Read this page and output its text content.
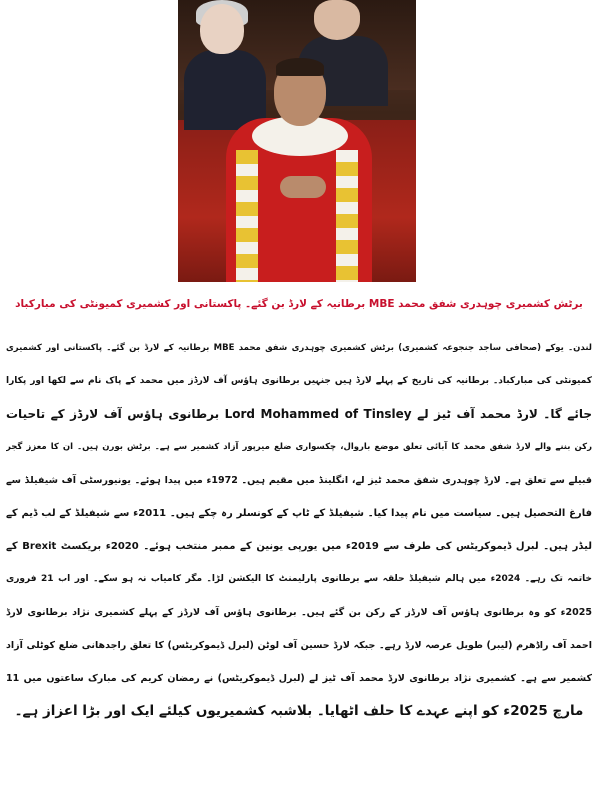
برٹش کشمیری چوہدری شفق محمد MBE برطانیہ کے لارڈ بن گئے۔ پاکستانی اور کشمیری کمیونٹی کی مبارکباد
لندن۔ یوکے (صحافی ساجد جنجوعہ کشمیری) برٹش کشمیری چوہدری شفق محمد MBE برطانیہ کے لارڈ بن گئے۔ پاکستانی اور کشمیری
کمیونٹی کی مبارکباد۔ برطانیہ کی تاریخ کے پہلے لارڈ ہیں جنہیں برطانوی ہاؤس آف لارڈز میں محمد کے پاک نام سے لکھا اور پکارا
جائے گا۔ لارڈ محمد آف ٹیز لے Lord Mohammed of Tinsley برطانوی ہاؤس آف لارڈز کے تاحیات
رکن بننے والے لارڈ شفق محمد کا آبائی تعلق موضع باروال، چکسواری ضلع میرپور آزاد کشمیر سے ہے۔ برٹش بورن ہیں۔ ان کا معزز گجر
قبیلے سے تعلق ہے۔ لارڈ چوہدری شفق محمد ٹیز لے، انگلینڈ میں مقیم ہیں۔ 1972ء میں پیدا ہوئے۔ یونیورسٹی آف شیفیلڈ سے
فارغ التحصیل ہیں۔ سیاست میں نام پیدا کیا۔ شیفیلڈ کے ٹاپ کے کونسلر رہ چکے ہیں۔ 2011ء سے شیفیلڈ کے لب ڈیم کے
لیڈر ہیں۔ لبرل ڈیموکریٹس کی طرف سے 2019ء میں یورپی یونین کے ممبر منتخب ہوئے۔ 2020ء بریکسٹ Brexit کے
خاتمہ تک رہے۔ 2024ء میں ہالم شیفیلڈ حلقہ سے برطانوی پارلیمنٹ کا الیکشن لڑا۔ مگر کامیاب نہ ہو سکے۔ اور اب 21 فروری
2025ء کو وہ برطانوی ہاؤس آف لارڈز کے رکن بن گئے ہیں۔ برطانوی ہاؤس آف لارڈز کے پہلے کشمیری نژاد برطانوی لارڈ
احمد آف راڈھرم (لیبر) طویل عرصہ لارڈ رہے۔ جبکہ لارڈ حسین آف لوٹن (لبرل ڈیموکریٹس) کا تعلق راجدھانی ضلع کوٹلی آزاد
کشمیر سے ہے۔ کشمیری نژاد برطانوی لارڈ محمد آف ٹیز لے (لبرل ڈیموکریٹس) نے رمضان کریم کی مبارک ساعتوں میں 11
مارچ 2025ء کو اپنے عہدے کا حلف اٹھایا۔ بلاشبہ کشمیریوں کیلئے ایک اور بڑا اعزاز ہے۔
